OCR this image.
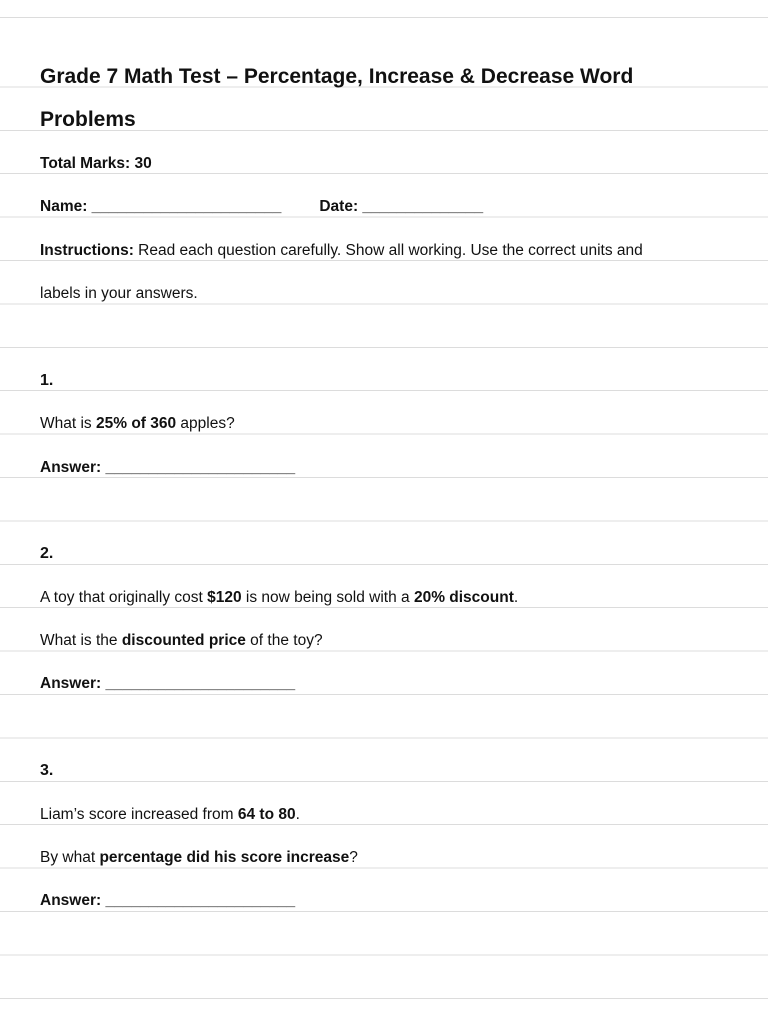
Grade 7 Math Test – Percentage, Increase & Decrease Word
Problems
Total Marks: 30
Name: ______________________ Date: ______________
Instructions: Read each question carefully. Show all working. Use the correct units and
labels in your answers.
1.
What is 25% of 360 apples?
Answer: ______________________
2.
A toy that originally cost $120 is now being sold with a 20% discount.
What is the discounted price of the toy?
Answer: ______________________
3.
Liam’s score increased from 64 to 80.
By what percentage did his score increase?
Answer: ______________________
